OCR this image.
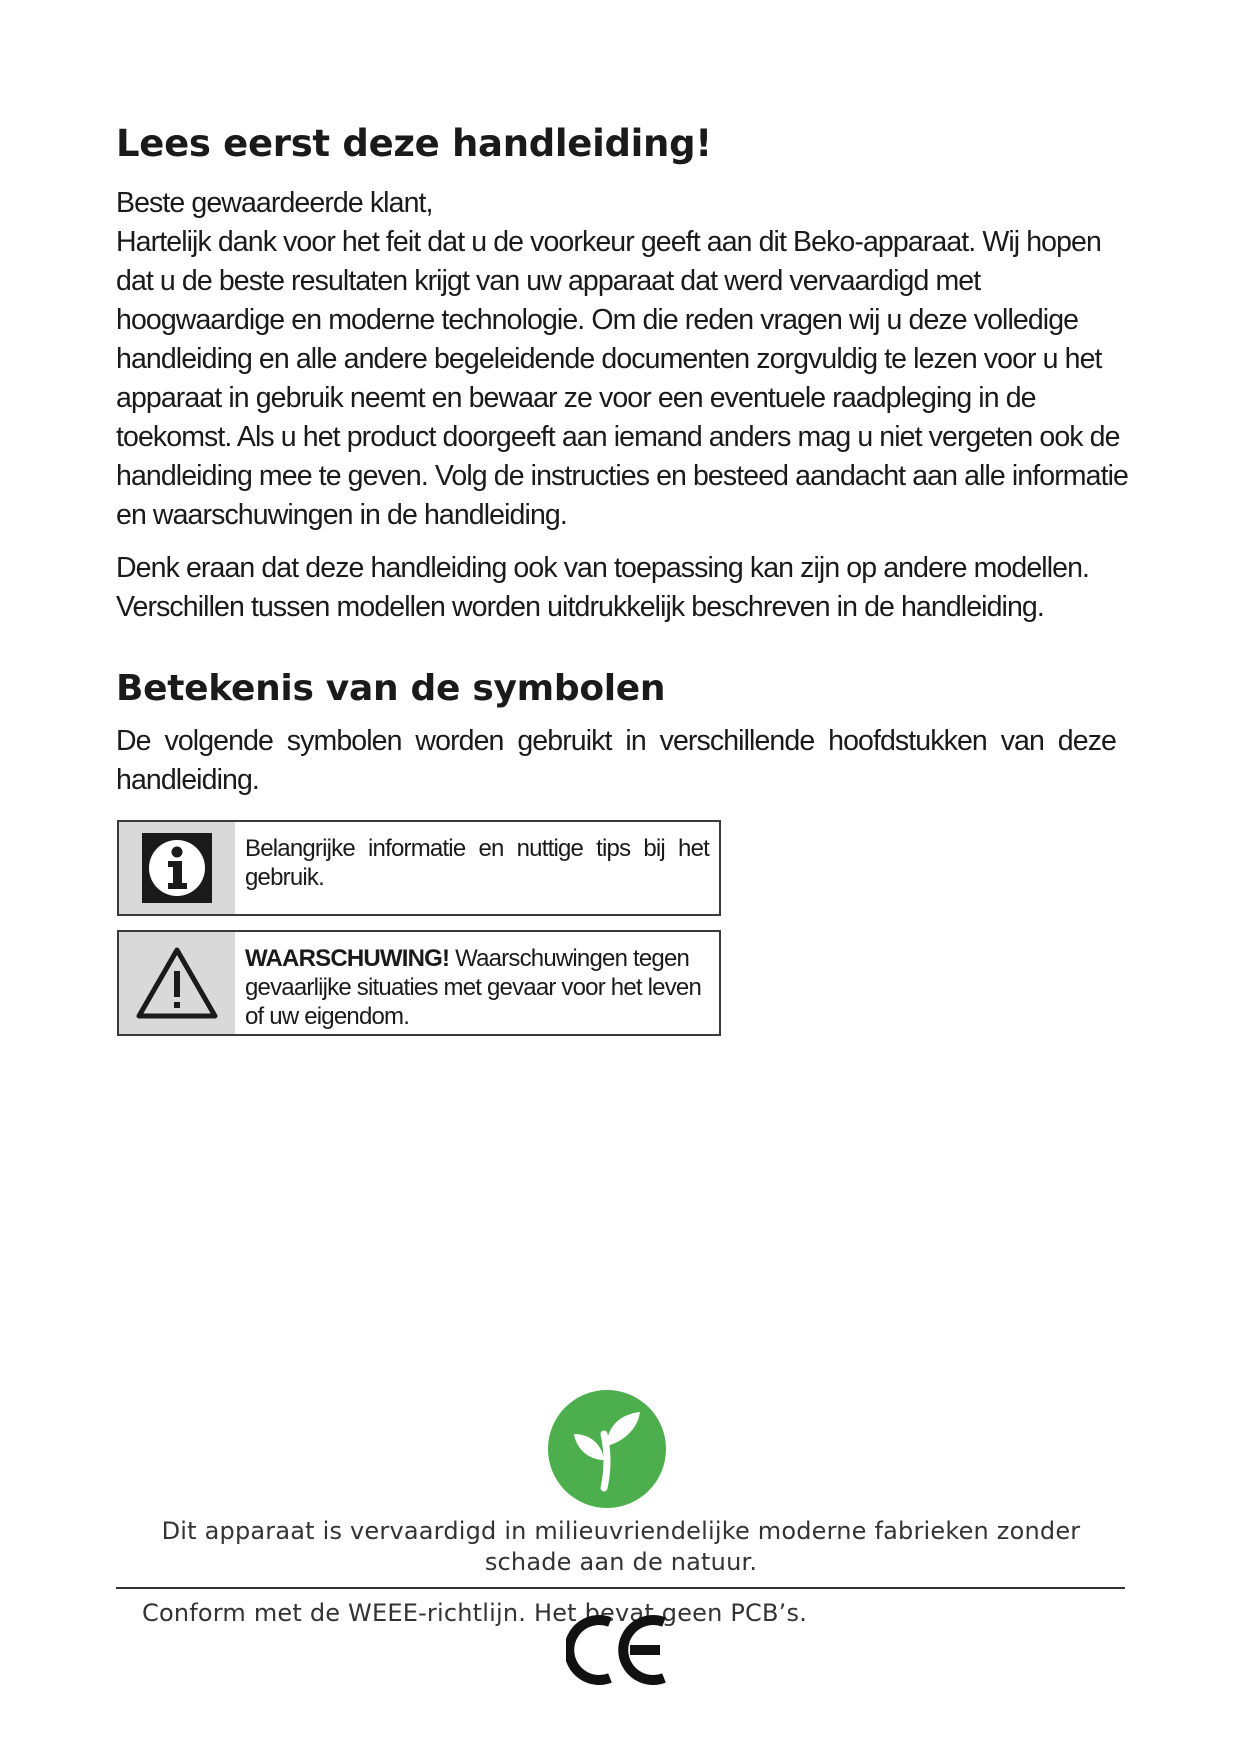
Lees eerst deze handleiding!

Beste gewaardeerde klant,

Hartelijk dank voor het feit dat u de voorkeur geeft aan dit Beko-apparaat. Wij hopen dat u de beste resultaten krijgt van uw apparaat dat werd vervaardigd met hoogwaardige en moderne technologie. Om die reden vragen wij u deze volledige handleiding en alle andere begeleidende documenten zorgvuldig te lezen voor u het apparaat in gebruik neemt en bewaar ze voor een eventuele raadpleging in de toekomst. Als u het product doorgeeft aan iemand anders mag u niet vergeten ook de handleiding mee te geven. Volg de instructies en besteed aandacht aan alle informatie en waarschuwingen in de handleiding.

Denk eraan dat deze handleiding ook van toepassing kan zijn op andere modellen. Verschillen tussen modellen worden uitdrukkelijk beschreven in de handleiding.

Betekenis van de symbolen

De volgende symbolen worden gebruikt in verschillende hoofdstukken van deze handleiding.

Belangrijke informatie en nuttige tips bij het gebruik.
WAARSCHUWING! Waarschuwingen tegen gevaarlijke situaties met gevaar voor het leven of uw eigendom.
Dit apparaat is vervaardigd in milieuvriendelijke moderne fabrieken zonder schade aan de natuur.
Conform met de WEEE-richtlijn. Het bevat geen PCB’s.
